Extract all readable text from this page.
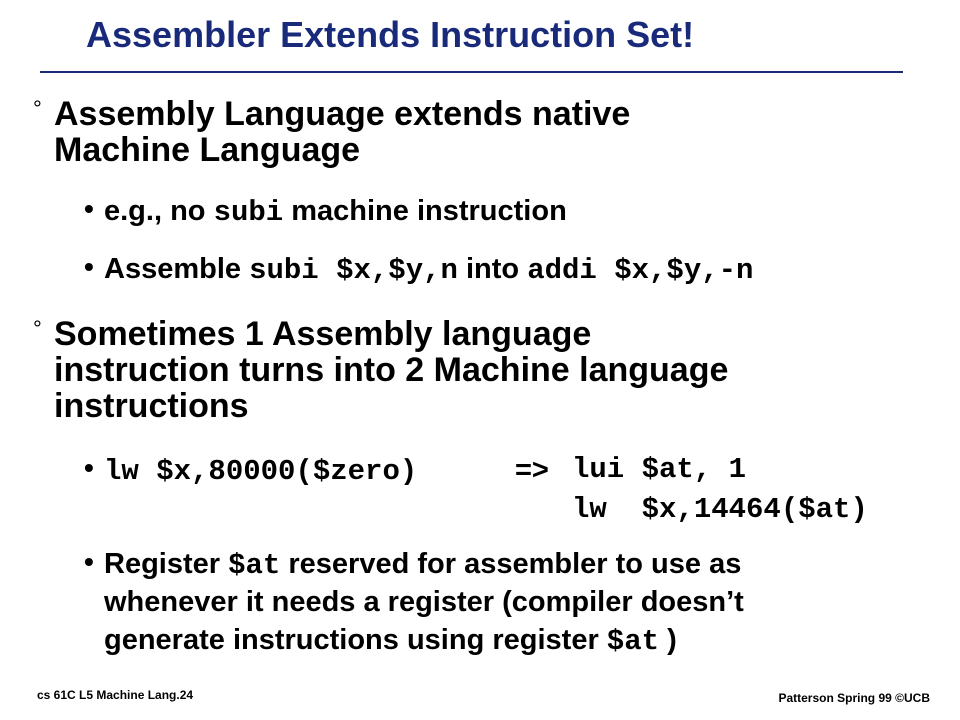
Assembler Extends Instruction Set!
° Assembly Language extends native
Machine Language
• e.g., no subi machine instruction
• Assemble subi $x,$y,n into addi $x,$y,-n
° Sometimes 1 Assembly language
instruction turns into 2 Machine language
instructions
• lw $x,80000($zero)	=> lui $at, 1
lw  $x,14464($at)
• Register $at reserved for assembler to use as
whenever it needs a register (compiler doesn’t
generate instructions using register $at )
cs 61C L5 Machine Lang.24	Patterson Spring 99 ©UCB
